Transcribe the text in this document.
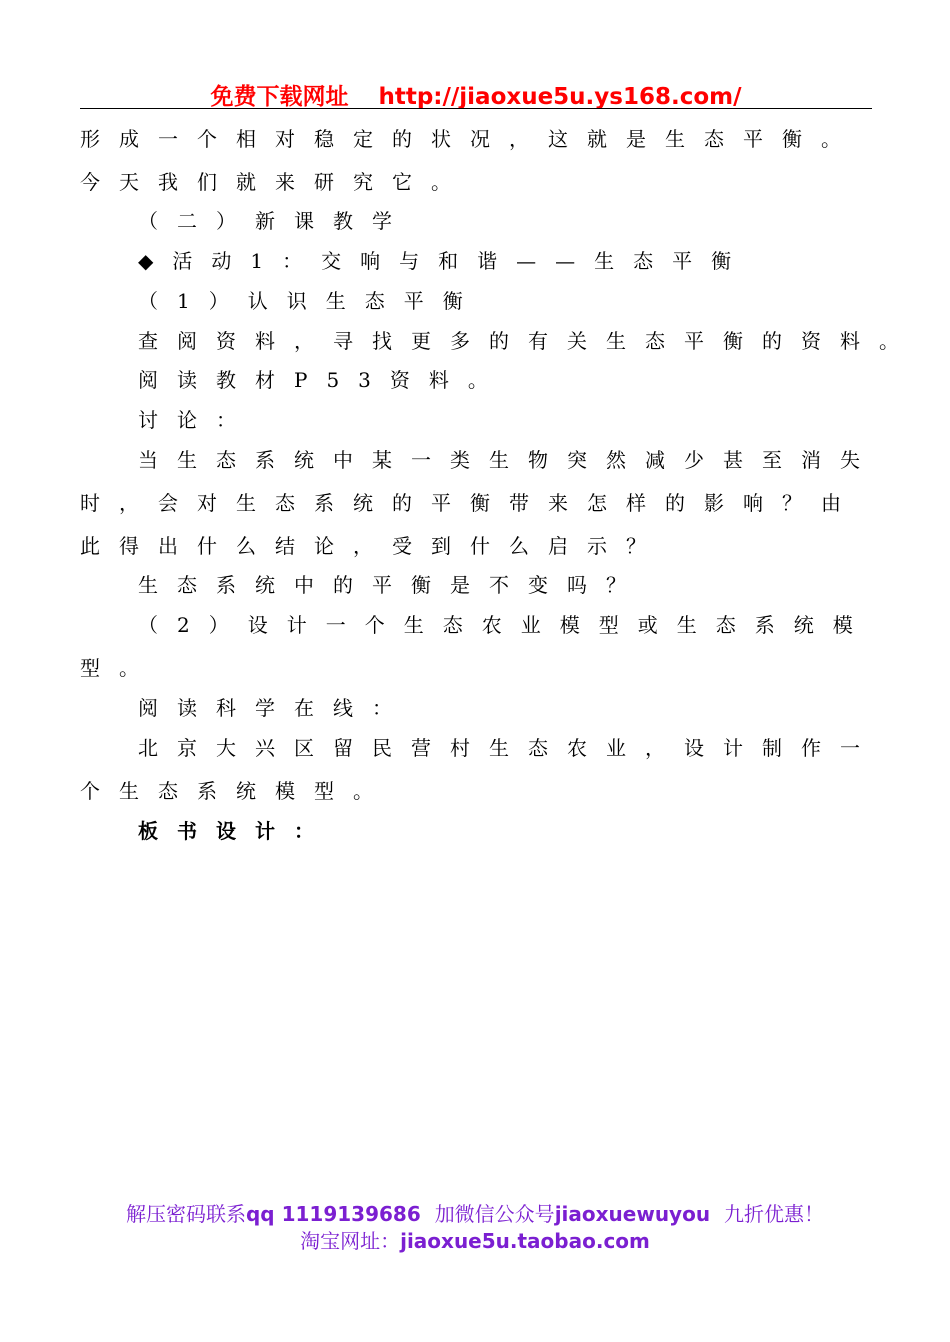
免费下载网址 http://jiaoxue5u.ys168.com/
形成一个相对稳定的状况，这就是生态平衡。
今天我们就来研究它。
（二）新课教学
◆活动1：交响与和谐——生态平衡
（1）认识生态平衡
查阅资料，寻找更多的有关生态平衡的资料。
阅读教材P53资料。
讨论：
当生态系统中某一类生物突然减少甚至消失
时，会对生态系统的平衡带来怎样的影响？由
此得出什么结论，受到什么启示？
生态系统中的平衡是不变吗？
（2）设计一个生态农业模型或生态系统模
型。
阅读科学在线：
北京大兴区留民营村生态农业，设计制作一
个生态系统模型。
板书设计：
解压密码联系qq 1119139686 加微信公众号jiaoxuewuyou 九折优惠！
淘宝网址：jiaoxue5u.taobao.com
